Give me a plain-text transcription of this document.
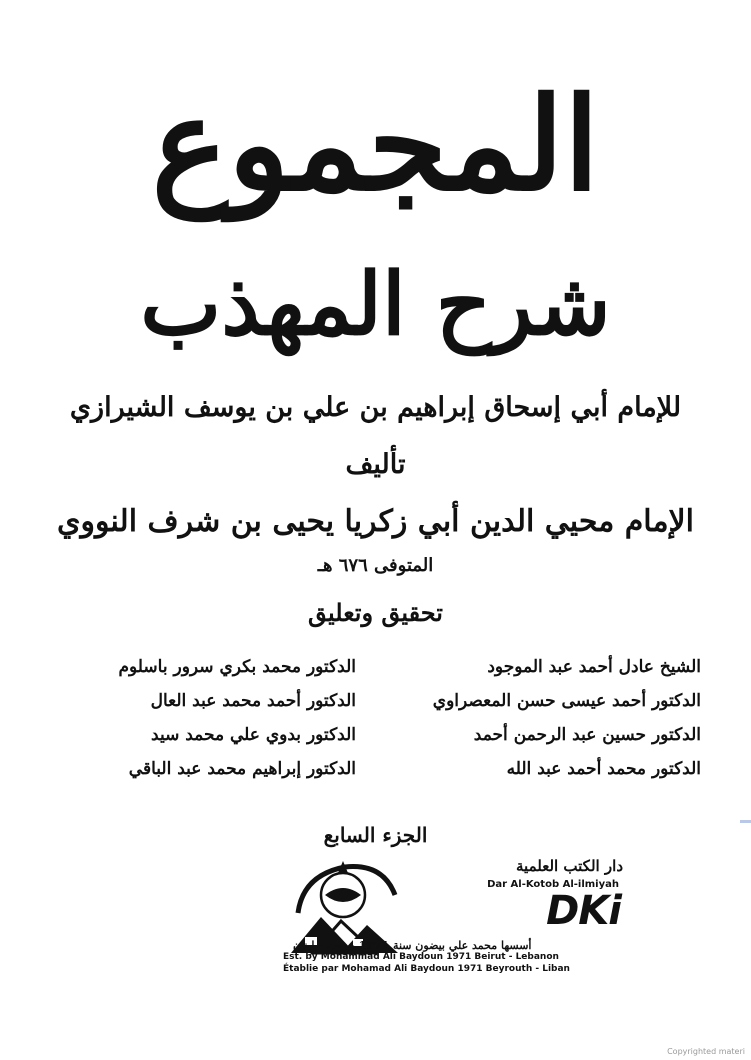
المجموع
شرح المهذب
للإمام أبي إسحاق إبراهيم بن علي بن يوسف الشيرازي
تأليف
الإمام محيي الدين أبي زكريا يحيى بن شرف النووي
المتوفى ٦٧٦ هـ
تحقيق وتعليق
الشيخ عادل أحمد عبد الموجود
الدكتور أحمد عيسى حسن المعصراوي
الدكتور حسين عبد الرحمن أحمد
الدكتور محمد أحمد عبد الله
الدكتور محمد بكري سرور باسلوم
الدكتور أحمد محمد عبد العال
الدكتور بدوي علي محمد سيد
الدكتور إبراهيم محمد عبد الباقي
الجزء السابع
دار الكتب العلمية
Dar Al-Kotob Al-ilmiyah
DKi
أسسها محمد علي بيضون سنة 1971 بيروت - لبنان
Est. by Mohammad Ali Baydoun 1971 Beirut - Lebanon
Établie par Mohamad Ali Baydoun 1971 Beyrouth - Liban
Copyrighted materi
